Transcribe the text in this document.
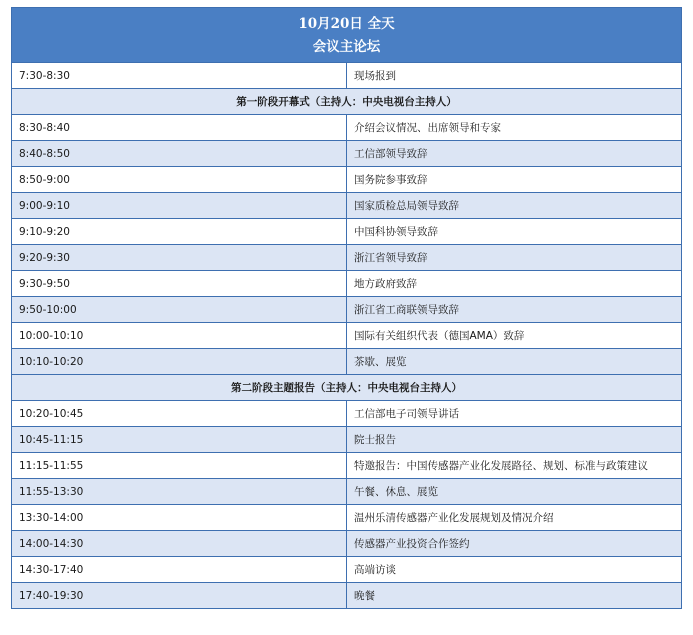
10月20日 全天
会议主论坛	

7:30-8:30	现场报到
第一阶段开幕式（主持人：中央电视台主持人）	
8:30-8:40	介绍会议情况、出席领导和专家
8:40-8:50	工信部领导致辞
8:50-9:00	国务院参事致辞
9:00-9:10	国家质检总局领导致辞
9:10-9:20	中国科协领导致辞
9:20-9:30	浙江省领导致辞
9:30-9:50	地方政府致辞
9:50-10:00	浙江省工商联领导致辞
10:00-10:10	国际有关组织代表（德国AMA）致辞
10:10-10:20	茶歇、展览
第二阶段主题报告（主持人：中央电视台主持人）	
10:20-10:45	工信部电子司领导讲话
10:45-11:15	院士报告
11:15-11:55	特邀报告：中国传感器产业化发展路径、规划、标准与政策建议
11:55-13:30	午餐、休息、展览
13:30-14:00	温州乐清传感器产业化发展规划及情况介绍
14:00-14:30	传感器产业投资合作签约
14:30-17:40	高端访谈
17:40-19:30	晚餐
